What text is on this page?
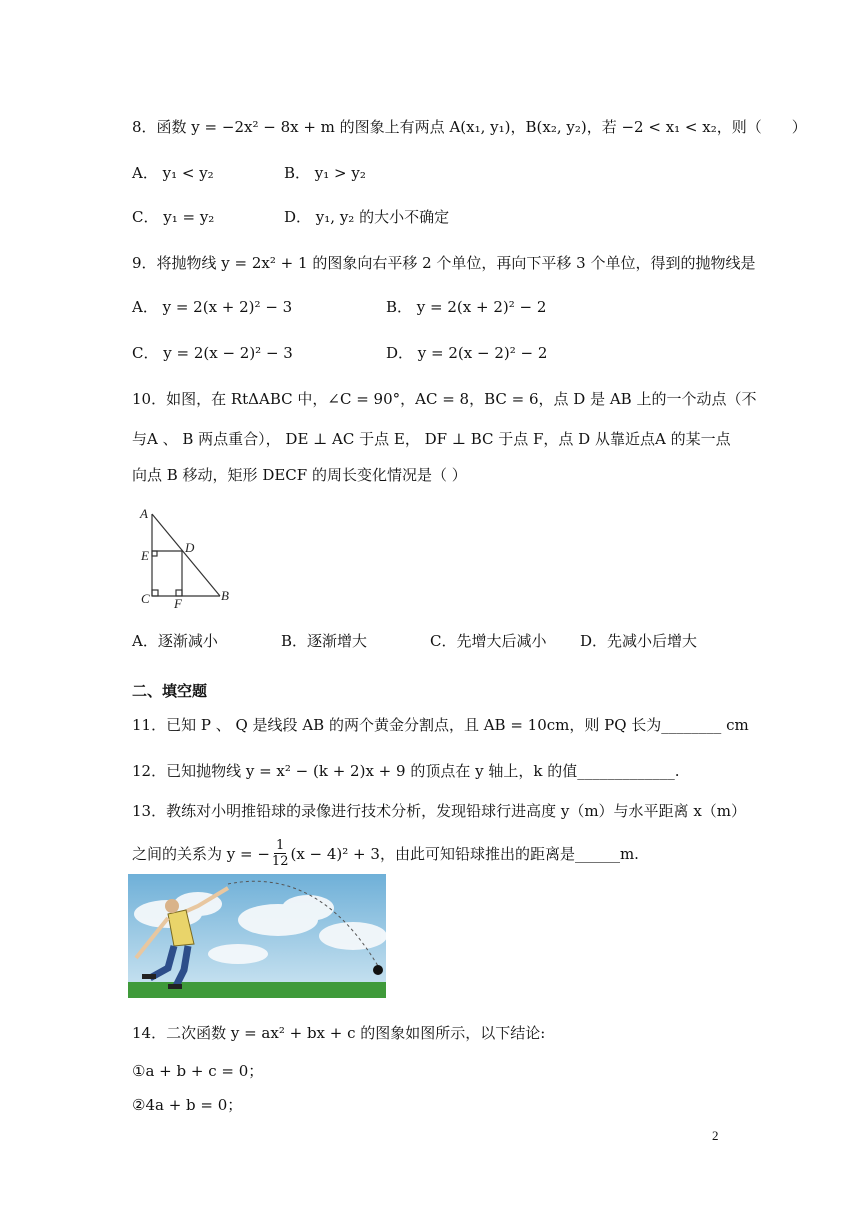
8．函数 y = −2x² − 8x + m 的图象上有两点 A(x₁, y₁)，B(x₂, y₂)，若 −2 < x₁ < x₂，则（　　）
A． y₁ < y₂	B． y₁ > y₂
C． y₁ = y₂	D． y₁, y₂ 的大小不确定
9．将抛物线 y = 2x² + 1 的图象向右平移 2 个单位，再向下平移 3 个单位，得到的抛物线是
A． y = 2(x + 2)² − 3	B． y = 2(x + 2)² − 2
C． y = 2(x − 2)² − 3	D． y = 2(x − 2)² − 2
10．如图，在 RtΔABC 中，∠C = 90°，AC = 8，BC = 6，点 D 是 AB 上的一个动点（不
与A 、 B 两点重合）， DE ⊥ AC 于点 E， DF ⊥ BC 于点 F，点 D 从靠近点A 的某一点
向点 B 移动，矩形 DECF 的周长变化情况是（ ）
A
E
D
C F
B
A．逐渐减小	B．逐渐增大	C．先增大后减小 D．先减小后增大
二、填空题
11．已知 P 、 Q 是线段 AB 的两个黄金分割点，且 AB = 10cm，则 PQ 长为________ cm
12．已知抛物线 y = x² − (k + 2)x + 9 的顶点在 y 轴上，k 的值_____________.
13．教练对小明推铅球的录像进行技术分析，发现铅球行进高度 y（m）与水平距离 x（m）
之间的关系为 y = − $\frac{1}{12} (x - 4)^2 + 3$，由此可知铅球推出的距离是______m.
14．二次函数 y = ax² + bx + c 的图象如图所示，以下结论:
①a + b + c = 0；
②4a + b = 0；
2
